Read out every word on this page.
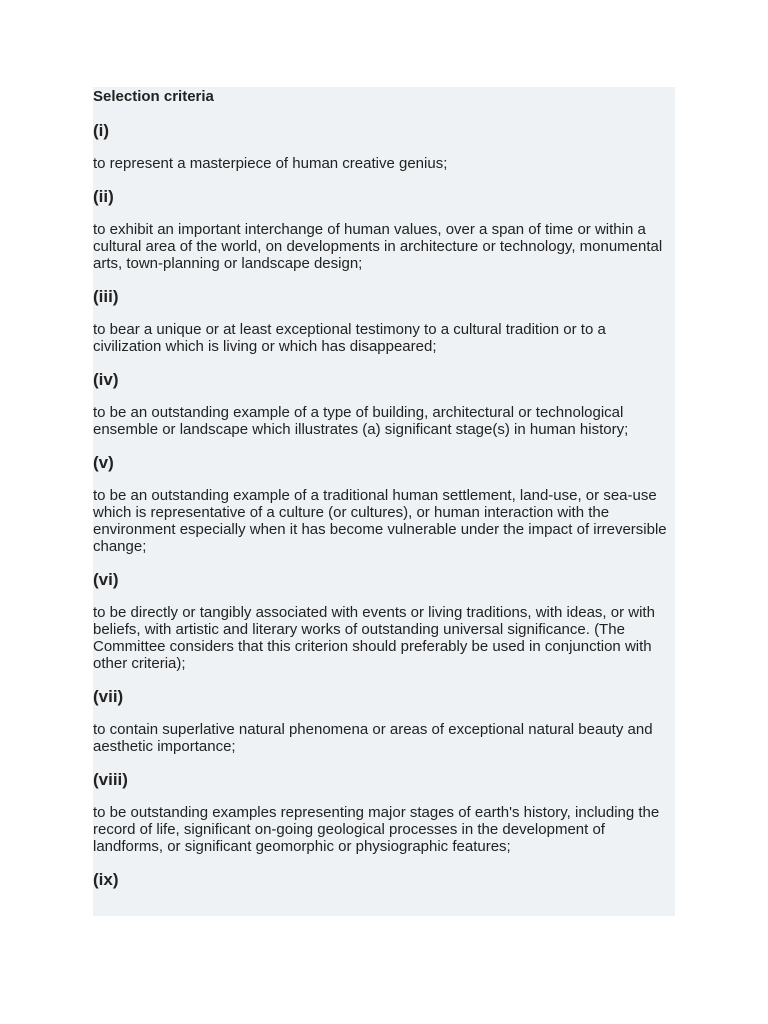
Selection criteria
(i)
to represent a masterpiece of human creative genius;
(ii)
to exhibit an important interchange of human values, over a span of time or within a cultural area of the world, on developments in architecture or technology, monumental arts, town-planning or landscape design;
(iii)
to bear a unique or at least exceptional testimony to a cultural tradition or to a civilization which is living or which has disappeared;
(iv)
to be an outstanding example of a type of building, architectural or technological ensemble or landscape which illustrates (a) significant stage(s) in human history;
(v)
to be an outstanding example of a traditional human settlement, land-use, or sea-use which is representative of a culture (or cultures), or human interaction with the environment especially when it has become vulnerable under the impact of irreversible change;
(vi)
to be directly or tangibly associated with events or living traditions, with ideas, or with beliefs, with artistic and literary works of outstanding universal significance. (The Committee considers that this criterion should preferably be used in conjunction with other criteria);
(vii)
to contain superlative natural phenomena or areas of exceptional natural beauty and aesthetic importance;
(viii)
to be outstanding examples representing major stages of earth's history, including the record of life, significant on-going geological processes in the development of landforms, or significant geomorphic or physiographic features;
(ix)
